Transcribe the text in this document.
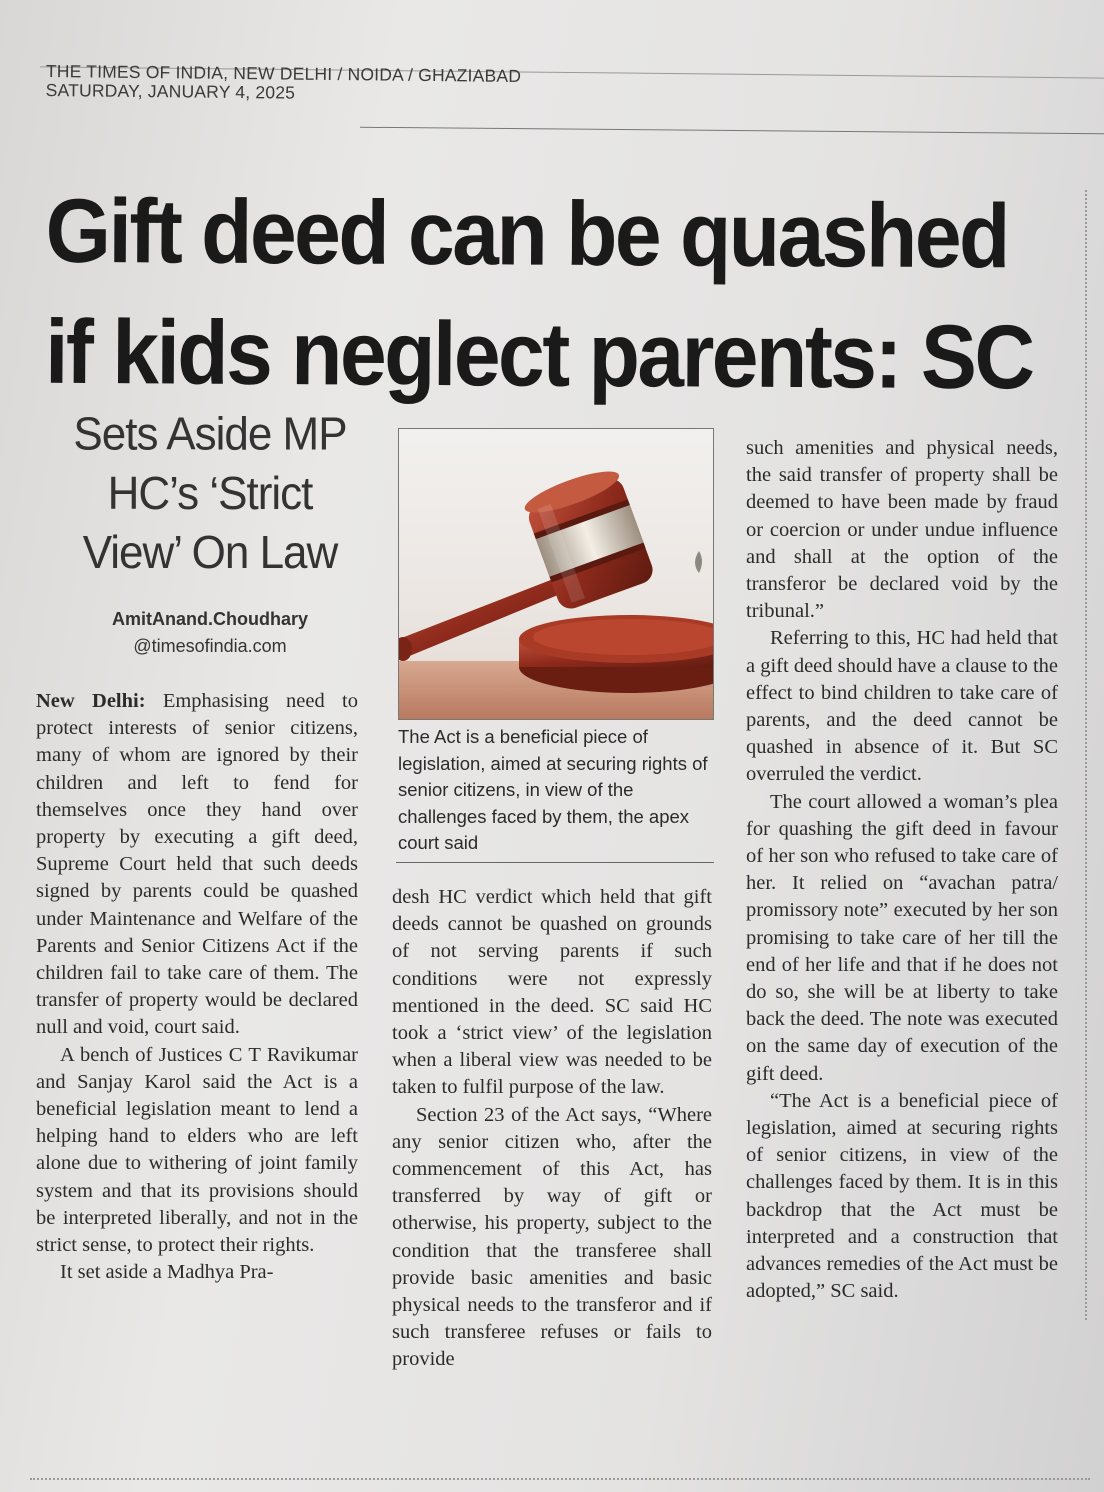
THE TIMES OF INDIA, NEW DELHI / NOIDA / GHAZIABAD
SATURDAY, JANUARY 4, 2025
Gift deed can be quashed
if kids neglect parents: SC
Sets Aside MP
HC’s ‘Strict
View’ On Law
AmitAnand.Choudhary
@timesofindia.com
The Act is a beneficial piece of legislation, aimed at securing rights of senior citizens, in view of the challenges faced by them, the apex court said

New Delhi: Emphasising need to protect interests of senior citizens, many of whom are ignored by their children and left to fend for themselves once they hand over property by executing a gift deed, Supreme Court held that such deeds signed by parents could be quashed under Maintenance and Welfare of the Parents and Senior Citizens Act if the children fail to take care of them. The transfer of property would be declared null and void, court said.

A bench of Justices C T Ravikumar and Sanjay Karol said the Act is a beneficial legislation meant to lend a helping hand to elders who are left alone due to withering of joint family system and that its provisions should be interpreted liberally, and not in the strict sense, to protect their rights.

It set aside a Madhya Pra-

desh HC verdict which held that gift deeds cannot be quashed on grounds of not serving parents if such conditions were not expressly mentioned in the deed. SC said HC took a ‘strict view’ of the legislation when a liberal view was needed to be taken to fulfil purpose of the law.

Section 23 of the Act says, “Where any senior citizen who, after the commencement of this Act, has transferred by way of gift or otherwise, his property, subject to the condition that the transferee shall provide basic amenities and basic physical needs to the transferor and if such transferee refuses or fails to provide

such amenities and physical needs, the said transfer of property shall be deemed to have been made by fraud or coercion or under undue influence and shall at the option of the transferor be declared void by the tribunal.”

Referring to this, HC had held that a gift deed should have a clause to the effect to bind children to take care of parents, and the deed cannot be quashed in absence of it. But SC overruled the verdict.

The court allowed a woman’s plea for quashing the gift deed in favour of her son who refused to take care of her. It relied on “avachan patra/ promissory note” executed by her son promising to take care of her till the end of her life and that if he does not do so, she will be at liberty to take back the deed. The note was executed on the same day of execution of the gift deed.

“The Act is a beneficial piece of legislation, aimed at securing rights of senior citizens, in view of the challenges faced by them. It is in this backdrop that the Act must be interpreted and a construction that advances remedies of the Act must be adopted,” SC said.
